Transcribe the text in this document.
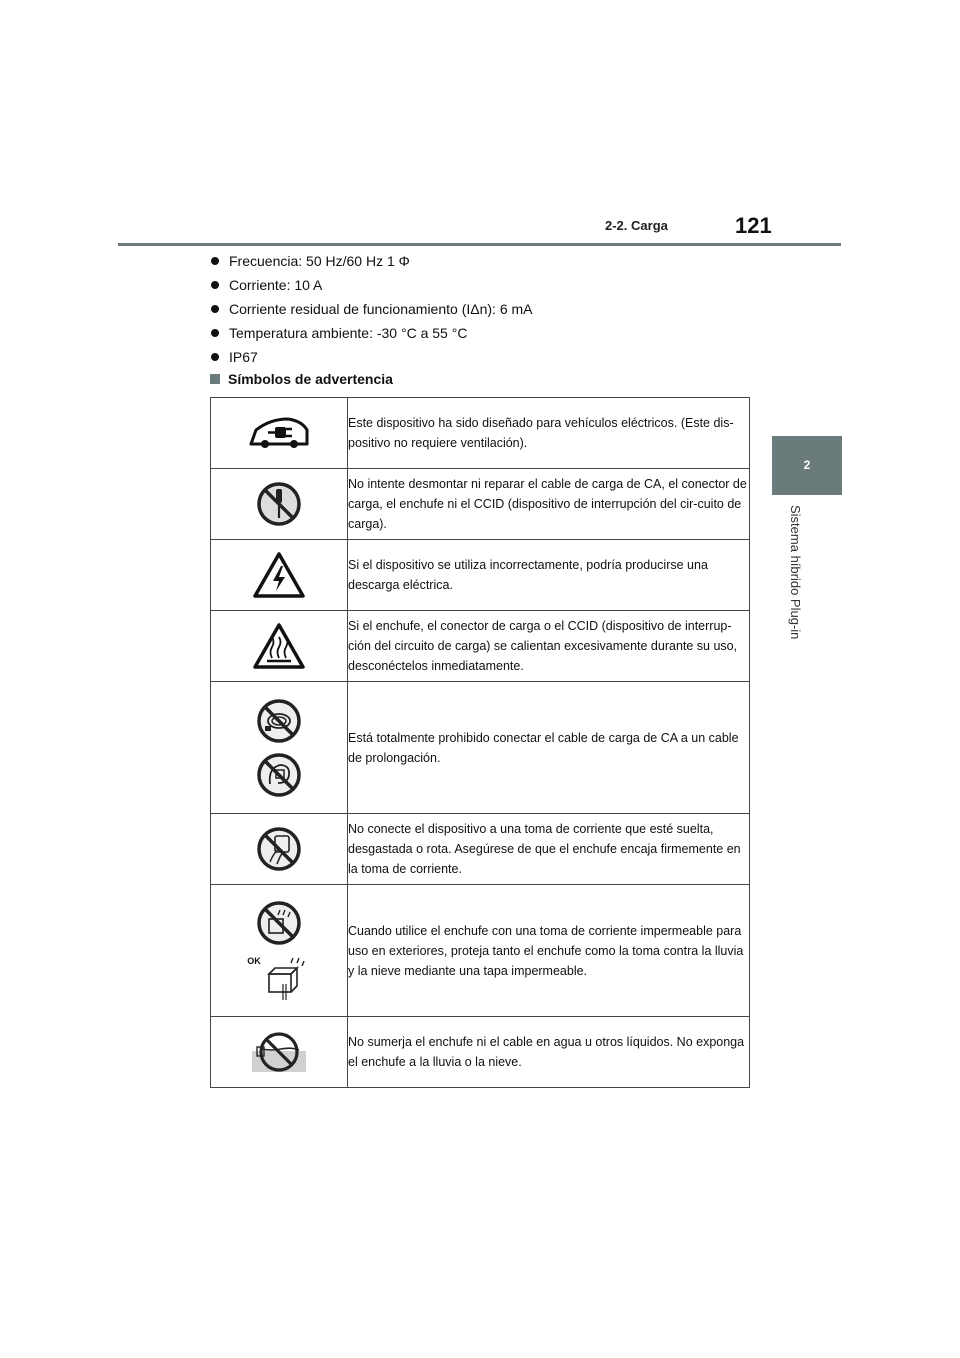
2-2. Carga	121
2
Sistema híbrido Plug-in
Frecuencia: 50 Hz/60 Hz 1 Φ
Corriente: 10 A
Corriente residual de funcionamiento (IΔn): 6 mA
Temperatura ambiente: -30 °C a 55 °C
IP67
Símbolos de advertencia
	Este dispositivo ha sido diseñado para vehículos eléctricos. (Este dis-positivo no requiere ventilación).

	No intente desmontar ni reparar el cable de carga de CA, el conector de carga, el enchufe ni el CCID (dispositivo de interrupción del cir-cuito de carga).

	Si el dispositivo se utiliza incorrectamente, podría producirse una descarga eléctrica.

	Si el enchufe, el conector de carga o el CCID (dispositivo de interrup-ción del circuito de carga) se calientan excesivamente durante su uso, desconéctelos inmediatamente.

	Está totalmente prohibido conectar el cable de carga de CA a un cable de prolongación.

	No conecte el dispositivo a una toma de corriente que esté suelta, desgastada o rota. Asegúrese de que el enchufe encaja firmemente en la toma de corriente.

OK	Cuando utilice el enchufe con una toma de corriente impermeable para uso en exteriores, proteja tanto el enchufe como la toma contra la lluvia y la nieve mediante una tapa impermeable.

	No sumerja el enchufe ni el cable en agua u otros líquidos. No exponga el enchufe a la lluvia o la nieve.
